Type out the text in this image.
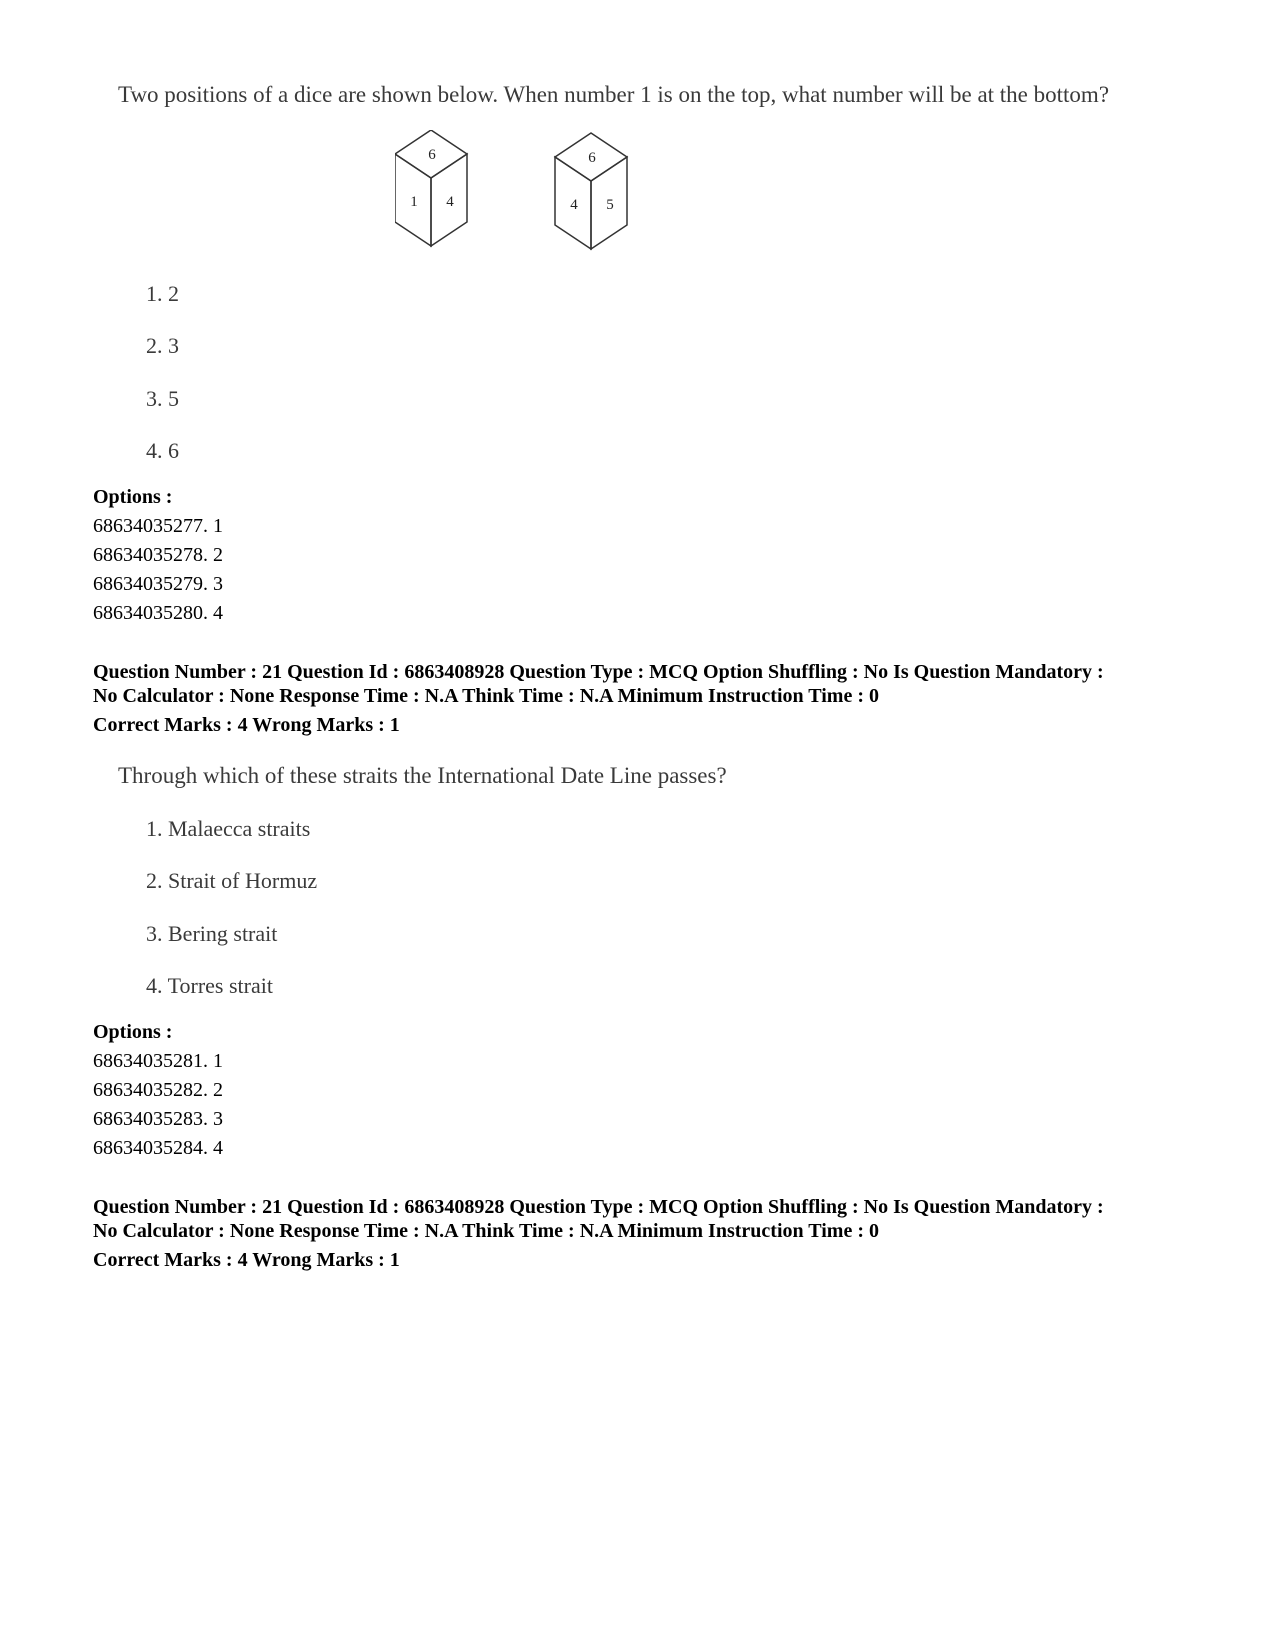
Two positions of a dice are shown below. When number 1 is on the top, what number will be at the bottom?
6
1 4
6
4 5
1. 2
2. 3
3. 5
4. 6
Options :
68634035277. 1
68634035278. 2
68634035279. 3
68634035280. 4
Question Number : 21 Question Id : 6863408928 Question Type : MCQ Option Shuffling : No Is Question Mandatory :
No Calculator : None Response Time : N.A Think Time : N.A Minimum Instruction Time : 0
Correct Marks : 4 Wrong Marks : 1
Through which of these straits the International Date Line passes?
1. Malaecca straits
2. Strait of Hormuz
3. Bering strait
4. Torres strait
Options :
68634035281. 1
68634035282. 2
68634035283. 3
68634035284. 4
Question Number : 21 Question Id : 6863408928 Question Type : MCQ Option Shuffling : No Is Question Mandatory :
No Calculator : None Response Time : N.A Think Time : N.A Minimum Instruction Time : 0
Correct Marks : 4 Wrong Marks : 1
